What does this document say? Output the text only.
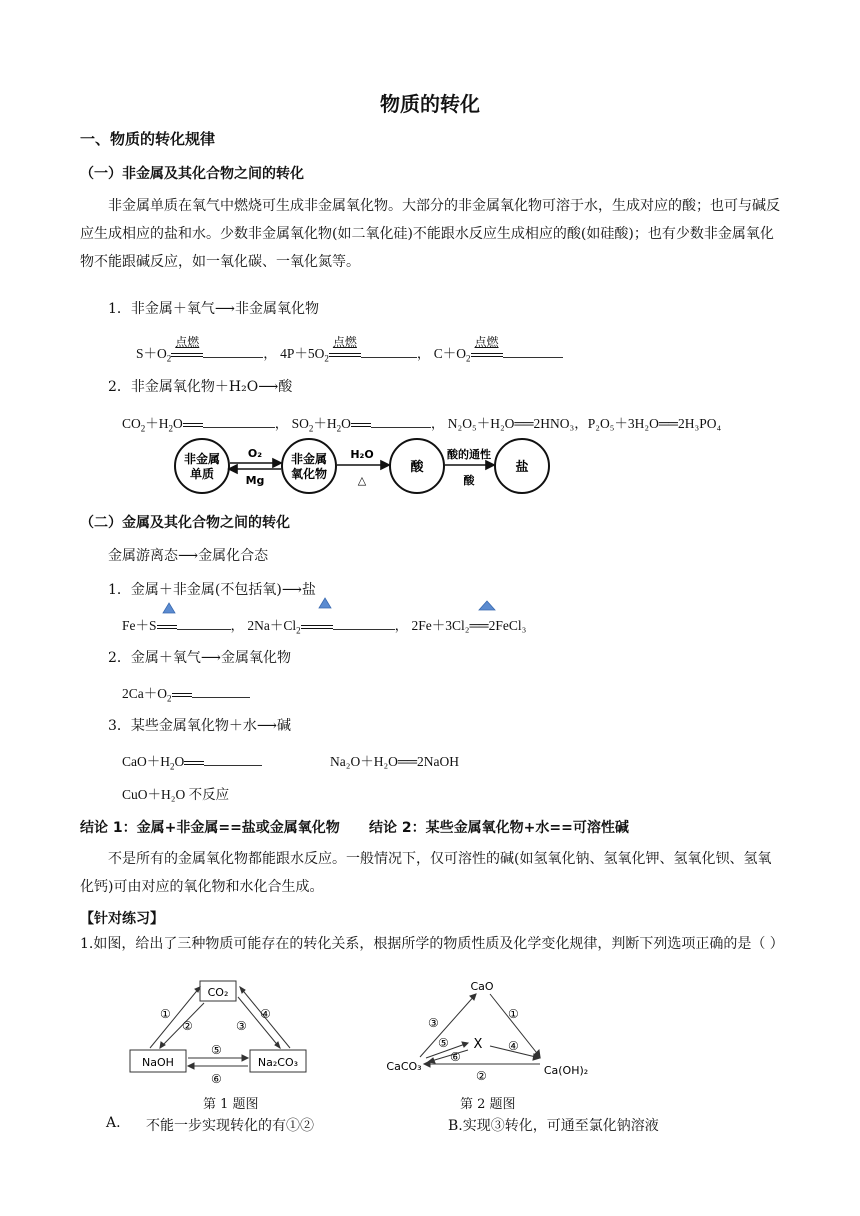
物质的转化
一、物质的转化规律
（一）非金属及其化合物之间的转化
非金属单质在氧气中燃烧可生成非金属氧化物。大部分的非金属氧化物可溶于水，生成对应的酸；也可与碱反应生成相应的盐和水。少数非金属氧化物(如二氧化硅)不能跟水反应生成相应的酸(如硅酸)；也有少数非金属氧化物不能跟碱反应，如一氧化碳、一氧化氮等。
1．非金属＋氧气⟶非金属氧化物
$S+O_2$
点燃
， $4P+5O_2$
点燃
， $C+O_2$
点燃
2．非金属氧化物＋H₂O⟶酸
$CO_2+H_2O$	， $SO_2+H_2O$	， N₂O₅＋H₂O══2HNO₃，P₂O₅＋3H₂O══2H₃PO₄
非金属
单质
非金属
氧化物	酸	盐
O₂
Mg
H₂O
△
酸的通性
酸
（二）金属及其化合物之间的转化
金属游离态⟶金属化合态
1．金属＋非金属(不包括氧)⟶盐
Fe＋S	， $2Na+Cl_2$	， 2Fe＋3Cl₂══2FeCl₃
2．金属＋氧气⟶金属氧化物
$2Ca+O_2$
3．某些金属氧化物＋水⟶碱
$CaO+H_2O$	Na₂O＋H₂O══2NaOH
CuO＋H₂O 不反应
结论 1：金属+非金属==盐或金属氧化物      结论 2：某些金属氧化物+水==可溶性碱
不是所有的金属氧化物都能跟水反应。一般情况下，仅可溶性的碱(如氢氧化钠、氢氧化钾、氢氧化钡、氢氧化钙)可由对应的氧化物和水化合生成。
【针对练习】
1.如图，给出了三种物质可能存在的转化关系，根据所学的物质性质及化学变化规律，判断下列选项正确的是（ ）
CO₂
NaOH	Na₂CO₃
①
②	③
④
⑤
⑥
第 1 题图
CaO
CaCO₃	Ca(OH)₂
X
③
①
⑤
⑥
④
②
第 2 题图
A. 不能一步实现转化的有①②	B.实现③转化，可通至氯化钠溶液
